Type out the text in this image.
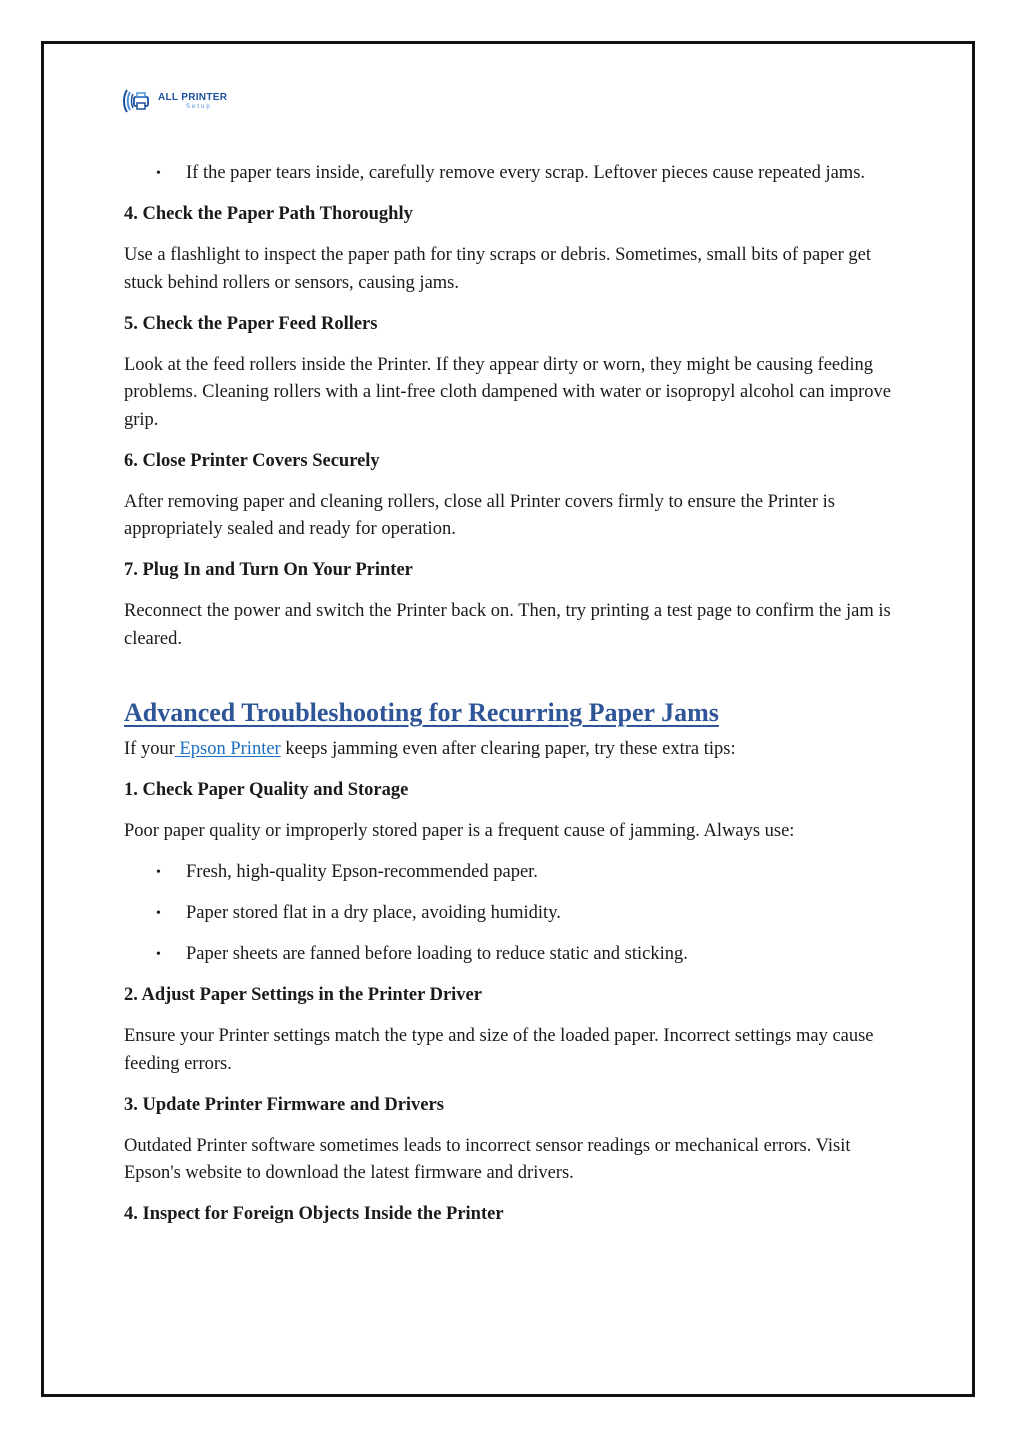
ALL PRINTER
Setup
• If the paper tears inside, carefully remove every scrap. Leftover pieces cause repeated jams.
4. Check the Paper Path Thoroughly

Use a flashlight to inspect the paper path for tiny scraps or debris. Sometimes, small bits of paper get stuck behind rollers or sensors, causing jams.

5. Check the Paper Feed Rollers

Look at the feed rollers inside the Printer. If they appear dirty or worn, they might be causing feeding problems. Cleaning rollers with a lint-free cloth dampened with water or isopropyl alcohol can improve grip.

6. Close Printer Covers Securely

After removing paper and cleaning rollers, close all Printer covers firmly to ensure the Printer is appropriately sealed and ready for operation.

7. Plug In and Turn On Your Printer

Reconnect the power and switch the Printer back on. Then, try printing a test page to confirm the jam is cleared.

Advanced Troubleshooting for Recurring Paper Jams

If your Epson Printer keeps jamming even after clearing paper, try these extra tips:

1. Check Paper Quality and Storage

Poor paper quality or improperly stored paper is a frequent cause of jamming. Always use:

• Fresh, high-quality Epson-recommended paper.
• Paper stored flat in a dry place, avoiding humidity.
• Paper sheets are fanned before loading to reduce static and sticking.
2. Adjust Paper Settings in the Printer Driver

Ensure your Printer settings match the type and size of the loaded paper. Incorrect settings may cause feeding errors.

3. Update Printer Firmware and Drivers

Outdated Printer software sometimes leads to incorrect sensor readings or mechanical errors. Visit Epson's website to download the latest firmware and drivers.

4. Inspect for Foreign Objects Inside the Printer
